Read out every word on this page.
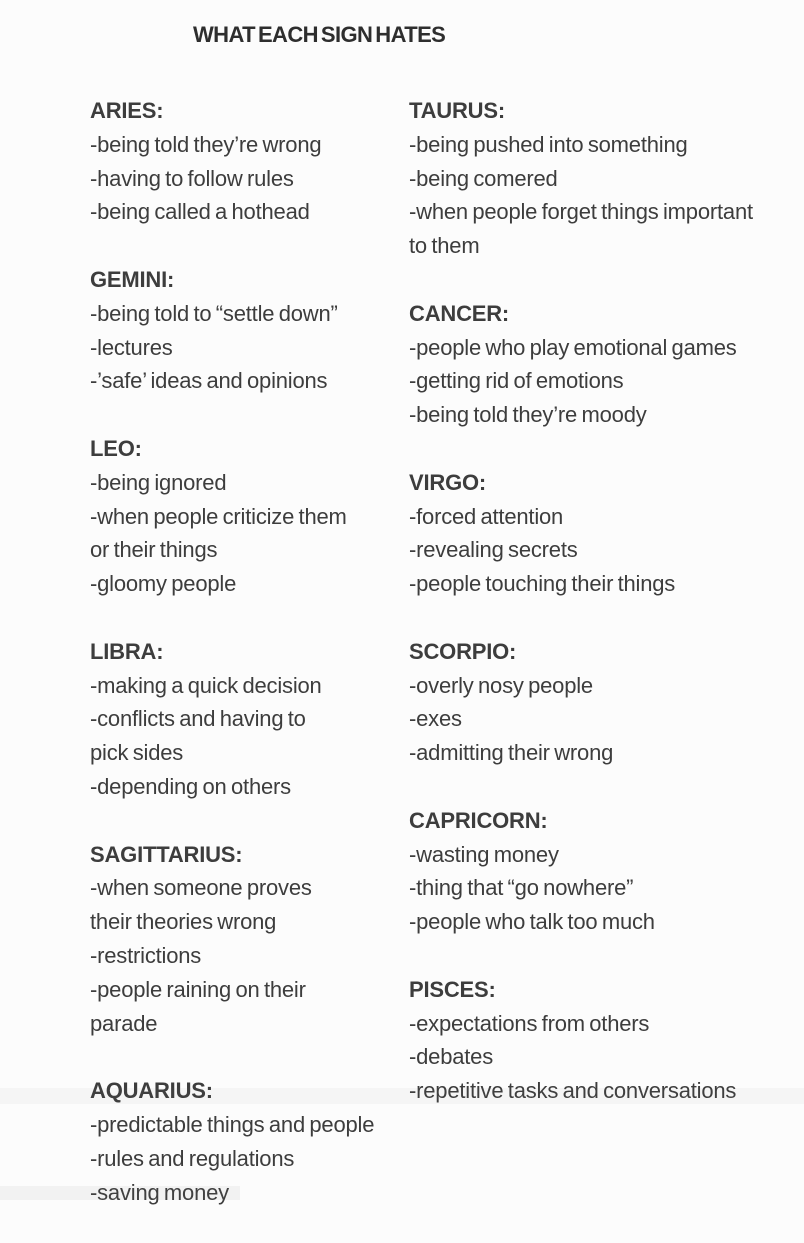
WHAT EACH SIGN HATES
ARIES:
-being told they’re wrong
-having to follow rules
-being called a hothead
GEMINI:
-being told to “settle down”
-lectures
-’safe’ ideas and opinions
LEO:
-being ignored
-when people criticize them
or their things
-gloomy people
LIBRA:
-making a quick decision
-conflicts and having to
pick sides
-depending on others
SAGITTARIUS:
-when someone proves
their theories wrong
-restrictions
-people raining on their
parade
AQUARIUS:
-predictable things and people
-rules and regulations
-saving money
TAURUS:
-being pushed into something
-being comered
-when people forget things important
to them
CANCER:
-people who play emotional games
-getting rid of emotions
-being told they’re moody
VIRGO:
-forced attention
-revealing secrets
-people touching their things
SCORPIO:
-overly nosy people
-exes
-admitting their wrong
CAPRICORN:
-wasting money
-thing that “go nowhere”
-people who talk too much
PISCES:
-expectations from others
-debates
-repetitive tasks and conversations
